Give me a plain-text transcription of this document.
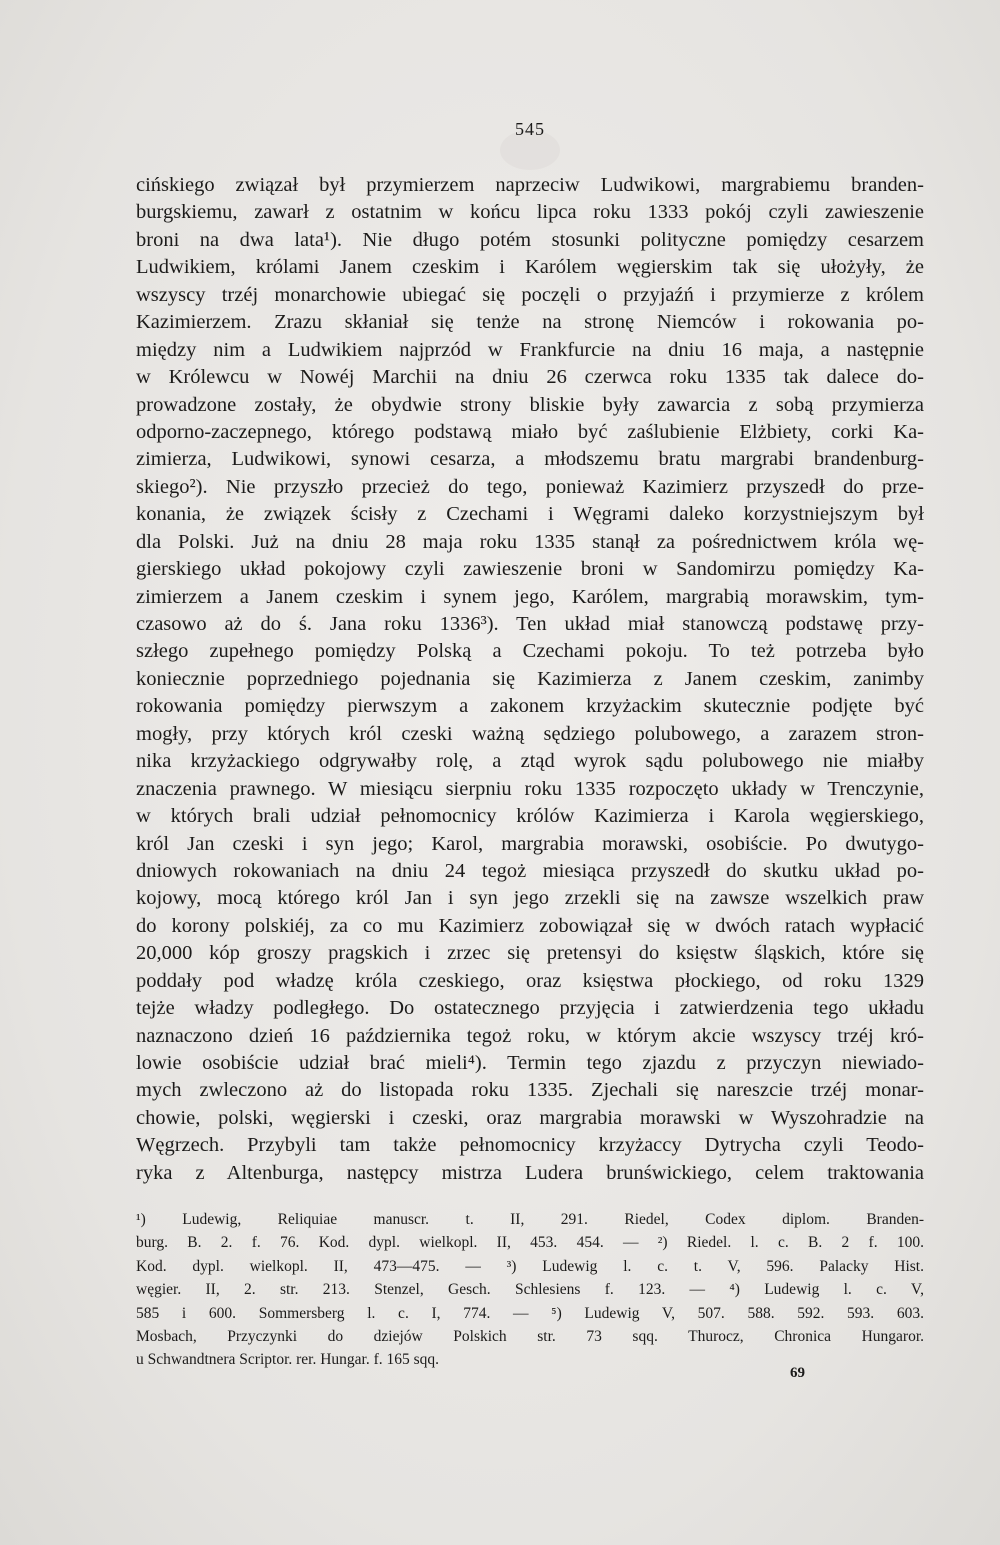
545
cińskiego związał był przymierzem naprzeciw Ludwikowi, margrabiemu branden-
burgskiemu, zawarł z ostatnim w końcu lipca roku 1333 pokój czyli zawieszenie
broni na dwa lata¹). Nie długo potém stosunki polityczne pomiędzy cesarzem
Ludwikiem, królami Janem czeskim i Karólem węgierskim tak się ułożyły, że
wszyscy trzéj monarchowie ubiegać się poczęli o przyjaźń i przymierze z królem
Kazimierzem. Zrazu skłaniał się tenże na stronę Niemców i rokowania po-
między nim a Ludwikiem najprzód w Frankfurcie na dniu 16 maja, a następnie
w Królewcu w Nowéj Marchii na dniu 26 czerwca roku 1335 tak dalece do-
prowadzone zostały, że obydwie strony bliskie były zawarcia z sobą przymierza
odporno-zaczepnego, którego podstawą miało być zaślubienie Elżbiety, corki Ka-
zimierza, Ludwikowi, synowi cesarza, a młodszemu bratu margrabi brandenburg-
skiego²). Nie przyszło przecież do tego, ponieważ Kazimierz przyszedł do prze-
konania, że związek ścisły z Czechami i Węgrami daleko korzystniejszym był
dla Polski. Już na dniu 28 maja roku 1335 stanął za pośrednictwem króla wę-
gierskiego układ pokojowy czyli zawieszenie broni w Sandomirzu pomiędzy Ka-
zimierzem a Janem czeskim i synem jego, Karólem, margrabią morawskim, tym-
czasowo aż do ś. Jana roku 1336³). Ten układ miał stanowczą podstawę przy-
szłego zupełnego pomiędzy Polską a Czechami pokoju. To też potrzeba było
koniecznie poprzedniego pojednania się Kazimierza z Janem czeskim, zanimby
rokowania pomiędzy pierwszym a zakonem krzyżackim skutecznie podjęte być
mogły, przy których król czeski ważną sędziego polubowego, a zarazem stron-
nika krzyżackiego odgrywałby rolę, a ztąd wyrok sądu polubowego nie miałby
znaczenia prawnego. W miesiącu sierpniu roku 1335 rozpoczęto układy w Trenczynie,
w których brali udział pełnomocnicy królów Kazimierza i Karola węgierskiego,
król Jan czeski i syn jego; Karol, margrabia morawski, osobiście. Po dwutygo-
dniowych rokowaniach na dniu 24 tegoż miesiąca przyszedł do skutku układ po-
kojowy, mocą którego król Jan i syn jego zrzekli się na zawsze wszelkich praw
do korony polskiéj, za co mu Kazimierz zobowiązał się w dwóch ratach wypłacić
20,000 kóp groszy pragskich i zrzec się pretensyi do księstw śląskich, które się
poddały pod władzę króla czeskiego, oraz księstwa płockiego, od roku 1329
tejże władzy podległego. Do ostatecznego przyjęcia i zatwierdzenia tego układu
naznaczono dzień 16 października tegoż roku, w którym akcie wszyscy trzéj kró-
lowie osobiście udział brać mieli⁴). Termin tego zjazdu z przyczyn niewiado-
mych zwleczono aż do listopada roku 1335. Zjechali się nareszcie trzéj monar-
chowie, polski, węgierski i czeski, oraz margrabia morawski w Wyszohradzie na
Węgrzech. Przybyli tam także pełnomocnicy krzyżaccy Dytrycha czyli Teodo-
ryka z Altenburga, następcy mistrza Ludera brunświckiego, celem traktowania
¹) Ludewig, Reliquiae manuscr. t. II, 291. Riedel, Codex diplom. Branden-
burg. B. 2. f. 76. Kod. dypl. wielkopl. II, 453. 454. — ²) Riedel. l. c. B. 2 f. 100.
Kod. dypl. wielkopl. II, 473—475. — ³) Ludewig l. c. t. V, 596. Palacky Hist.
węgier. II, 2. str. 213. Stenzel, Gesch. Schlesiens f. 123. — ⁴) Ludewig l. c. V,
585 i 600. Sommersberg l. c. I, 774. — ⁵) Ludewig V, 507. 588. 592. 593. 603.
Mosbach, Przyczynki do dziejów Polskich str. 73 sqq. Thurocz, Chronica Hungaror.
u Schwandtnera Scriptor. rer. Hungar. f. 165 sqq.
69
